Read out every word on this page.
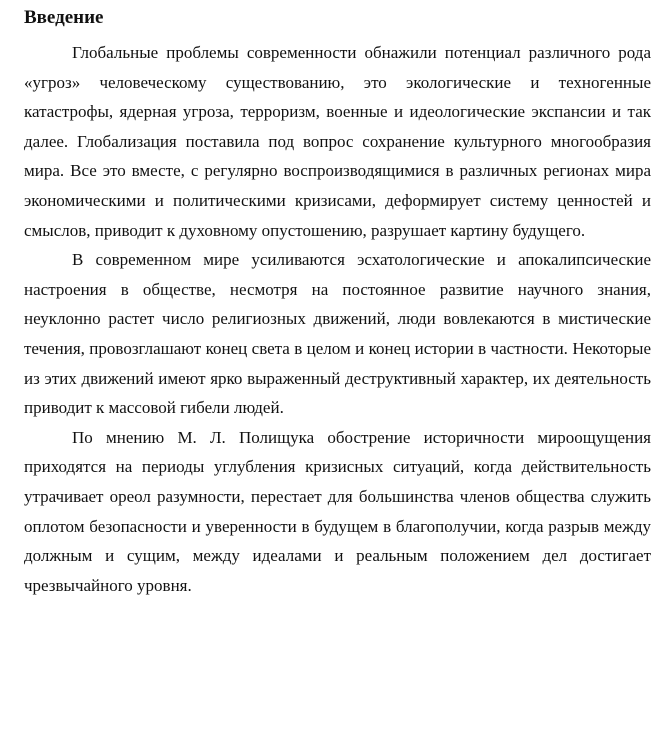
Введение

Глобальные проблемы современности обнажили потенциал различного рода «угроз» человеческому существованию, это экологические и техногенные катастрофы, ядерная угроза, терроризм, военные и идеологические экспансии и так далее. Глобализация поставила под вопрос сохранение культурного многообразия мира. Все это вместе, с регулярно воспроизводящимися в различных регионах мира экономическими и политическими кризисами, деформирует систему ценностей и смыслов, приводит к духовному опустошению, разрушает картину будущего.

В современном мире усиливаются эсхатологические и апокалипсические настроения в обществе, несмотря на постоянное развитие научного знания, неуклонно растет число религиозных движений, люди вовлекаются в мистические течения, провозглашают конец света в целом и конец истории в частности. Некоторые из этих движений имеют ярко выраженный деструктивный характер, их деятельность приводит к массовой гибели людей.

По мнению М. Л. Полищука обострение историчности мироощущения приходятся на периоды углубления кризисных ситуаций, когда действительность утрачивает ореол разумности, перестает для большинства членов общества служить оплотом безопасности и уверенности в будущем в благополучии, когда разрыв между должным и сущим, между идеалами и реальным положением дел достигает чрезвычайного уровня.
